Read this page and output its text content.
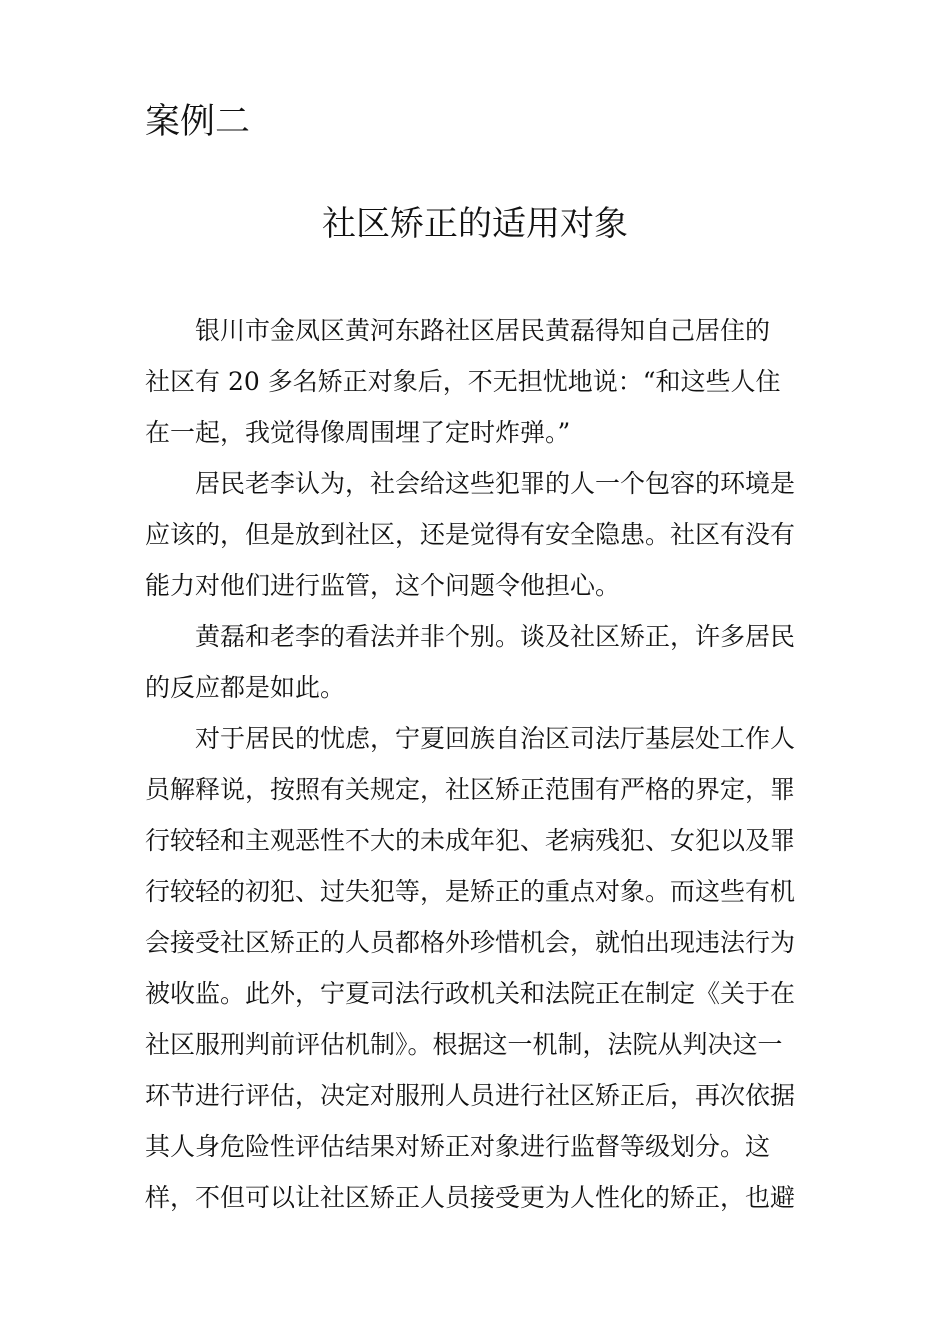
案例二
社区矫正的适用对象
银川市金凤区黄河东路社区居民黄磊得知自己居住的
社区有 20 多名矫正对象后，不无担忧地说：“和这些人住
在一起，我觉得像周围埋了定时炸弹。”
居民老李认为，社会给这些犯罪的人一个包容的环境是
应该的，但是放到社区，还是觉得有安全隐患。社区有没有
能力对他们进行监管，这个问题令他担心。
黄磊和老李的看法并非个别。谈及社区矫正，许多居民
的反应都是如此。
对于居民的忧虑，宁夏回族自治区司法厅基层处工作人
员解释说，按照有关规定，社区矫正范围有严格的界定，罪
行较轻和主观恶性不大的未成年犯、老病残犯、女犯以及罪
行较轻的初犯、过失犯等，是矫正的重点对象。而这些有机
会接受社区矫正的人员都格外珍惜机会，就怕出现违法行为
被收监。此外，宁夏司法行政机关和法院正在制定《关于在
社区服刑判前评估机制》。根据这一机制，法院从判决这一
环节进行评估，决定对服刑人员进行社区矫正后，再次依据
其人身危险性评估结果对矫正对象进行监督等级划分。这
样，不但可以让社区矫正人员接受更为人性化的矫正，也避
